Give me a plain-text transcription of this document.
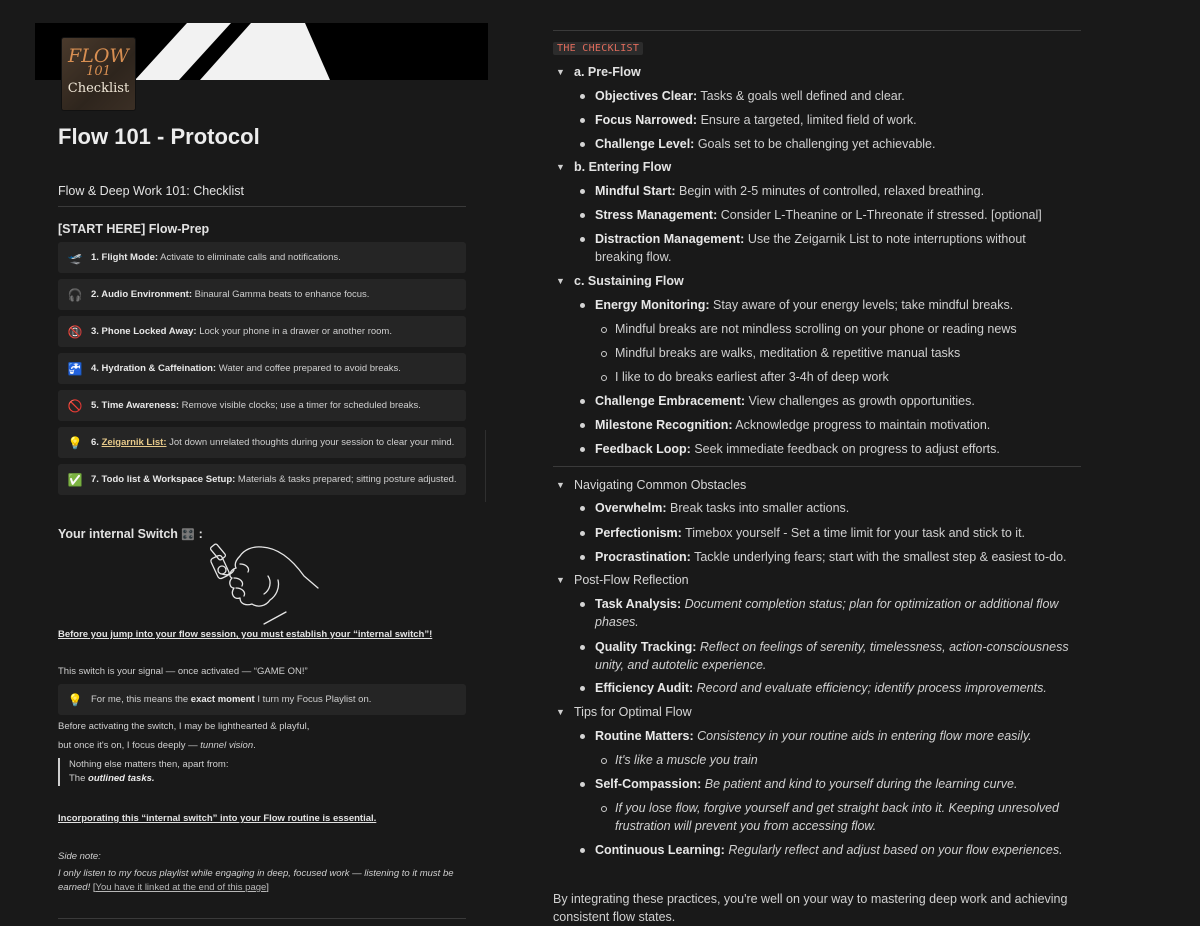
FLOW
101
Checklist
Flow 101 - Protocol
Flow & Deep Work 101: Checklist
[START HERE] Flow-Prep
🛫 1. Flight Mode: Activate to eliminate calls and notifications.
🎧 2. Audio Environment: Binaural Gamma beats to enhance focus.
📵 3. Phone Locked Away: Lock your phone in a drawer or another room.
🚰 4. Hydration & Caffeination: Water and coffee prepared to avoid breaks.
🚫 5. Time Awareness: Remove visible clocks; use a timer for scheduled breaks.
💡 6. Zeigarnik List: Jot down unrelated thoughts during your session to clear your mind.
✅ 7. Todo list & Workspace Setup: Materials & tasks prepared; sitting posture adjusted.
Your internal Switch 🎛️ :
Before you jump into your flow session, you must establish your “internal switch”!
This switch is your signal — once activated — “GAME ON!”
💡 For me, this means the exact moment I turn my Focus Playlist on.
Before activating the switch, I may be lighthearted & playful,
but once it's on, I focus deeply — tunnel vision.
Nothing else matters then, apart from:
The outlined tasks.
Incorporating this “internal switch” into your Flow routine is essential.
Side note:
I only listen to my focus playlist while engaging in deep, focused work — listening to it must be
earned! [You have it linked at the end of this page]
THE CHECKLIST
▼ a. Pre-Flow
Objectives Clear: Tasks & goals well defined and clear.
Focus Narrowed: Ensure a targeted, limited field of work.
Challenge Level: Goals set to be challenging yet achievable.
▼ b. Entering Flow
Mindful Start: Begin with 2-5 minutes of controlled, relaxed breathing.
Stress Management: Consider L-Theanine or L-Threonate if stressed. [optional]
Distraction Management: Use the Zeigarnik List to note interruptions without breaking flow.
▼ c. Sustaining Flow
Energy Monitoring: Stay aware of your energy levels; take mindful breaks.
Mindful breaks are not mindless scrolling on your phone or reading news
Mindful breaks are walks, meditation & repetitive manual tasks
I like to do breaks earliest after 3-4h of deep work
Challenge Embracement: View challenges as growth opportunities.
Milestone Recognition: Acknowledge progress to maintain motivation.
Feedback Loop: Seek immediate feedback on progress to adjust efforts.
▼ Navigating Common Obstacles
Overwhelm: Break tasks into smaller actions.
Perfectionism: Timebox yourself - Set a time limit for your task and stick to it.
Procrastination: Tackle underlying fears; start with the smallest step & easiest to-do.
▼ Post-Flow Reflection
Task Analysis: Document completion status; plan for optimization or additional flow phases.
Quality Tracking: Reflect on feelings of serenity, timelessness, action-consciousness unity, and autotelic experience.
Efficiency Audit: Record and evaluate efficiency; identify process improvements.
▼ Tips for Optimal Flow
Routine Matters: Consistency in your routine aids in entering flow more easily.
It's like a muscle you train
Self-Compassion: Be patient and kind to yourself during the learning curve.
If you lose flow, forgive yourself and get straight back into it. Keeping unresolved frustration will prevent you from accessing flow.
Continuous Learning: Regularly reflect and adjust based on your flow experiences.
By integrating these practices, you're well on your way to mastering deep work and achieving consistent flow states.
